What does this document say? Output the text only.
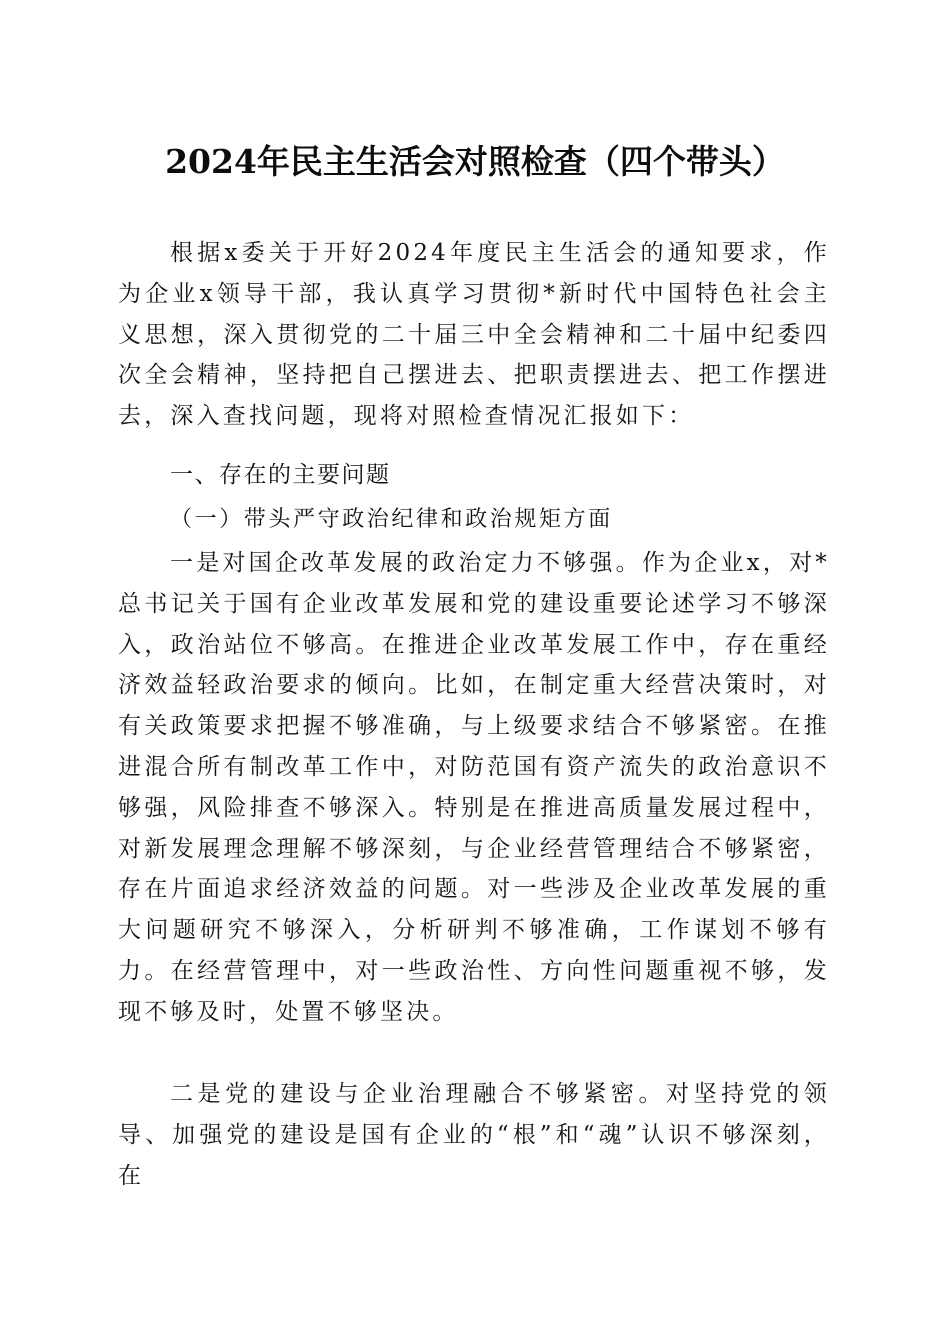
2024年民主生活会对照检查（四个带头）
根据x委关于开好2024年度民主生活会的通知要求，作为企业x领导干部，我认真学习贯彻*新时代中国特色社会主义思想，深入贯彻党的二十届三中全会精神和二十届中纪委四次全会精神，坚持把自己摆进去、把职责摆进去、把工作摆进去，深入查找问题，现将对照检查情况汇报如下：
一、存在的主要问题
（一）带头严守政治纪律和政治规矩方面
一是对国企改革发展的政治定力不够强。作为企业x，对*总书记关于国有企业改革发展和党的建设重要论述学习不够深入，政治站位不够高。在推进企业改革发展工作中，存在重经济效益轻政治要求的倾向。比如，在制定重大经营决策时，对有关政策要求把握不够准确，与上级要求结合不够紧密。在推进混合所有制改革工作中，对防范国有资产流失的政治意识不够强，风险排查不够深入。特别是在推进高质量发展过程中，对新发展理念理解不够深刻，与企业经营管理结合不够紧密，存在片面追求经济效益的问题。对一些涉及企业改革发展的重大问题研究不够深入，分析研判不够准确，工作谋划不够有力。在经营管理中，对一些政治性、方向性问题重视不够，发现不够及时，处置不够坚决。
二是党的建设与企业治理融合不够紧密。对坚持党的领导、加强党的建设是国有企业的“根”和“魂”认识不够深刻，在
